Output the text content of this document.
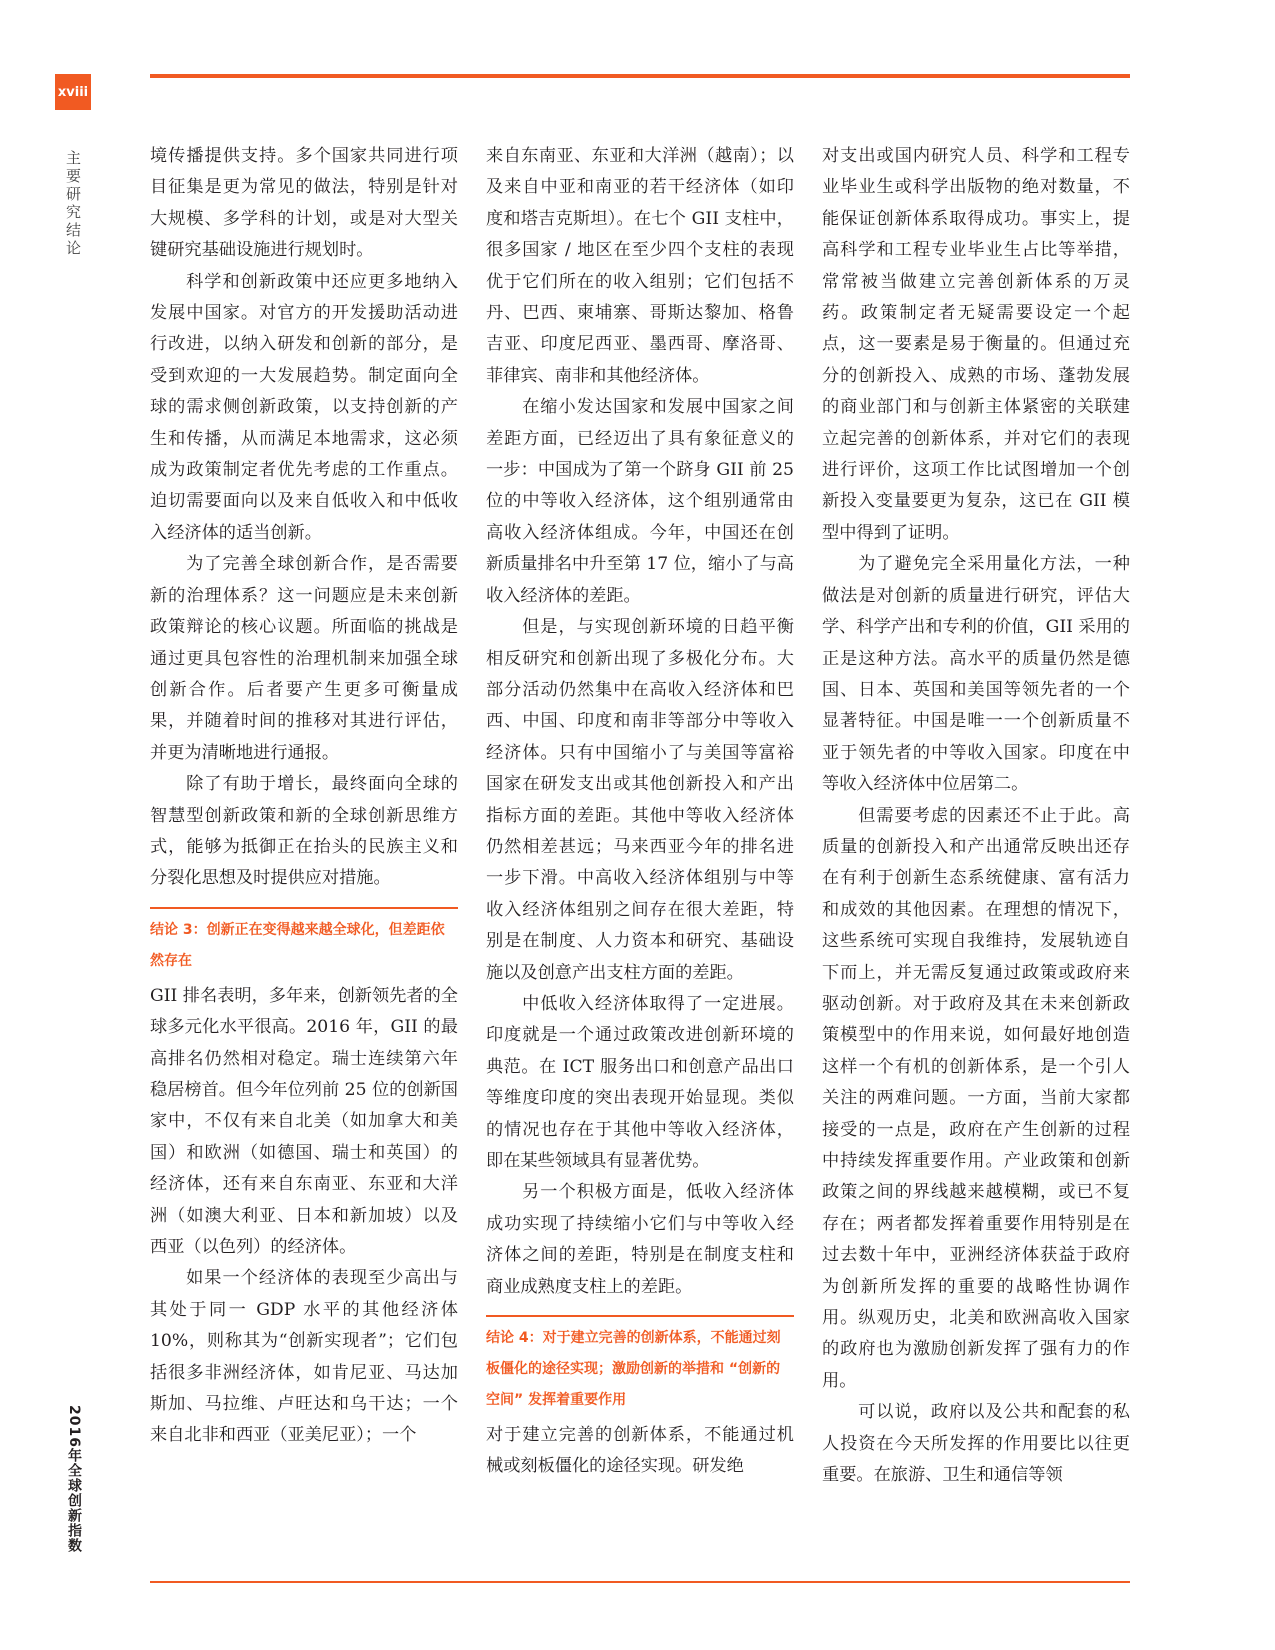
xviii
主要研究结论
2016年全球创新指数

境传播提供支持。多个国家共同进行项目征集是更为常见的做法，特别是针对大规模、多学科的计划，或是对大型关键研究基础设施进行规划时。

科学和创新政策中还应更多地纳入发展中国家。对官方的开发援助活动进行改进，以纳入研发和创新的部分，是受到欢迎的一大发展趋势。制定面向全球的需求侧创新政策，以支持创新的产生和传播，从而满足本地需求，这必须成为政策制定者优先考虑的工作重点。迫切需要面向以及来自低收入和中低收入经济体的适当创新。

为了完善全球创新合作，是否需要新的治理体系？这一问题应是未来创新政策辩论的核心议题。所面临的挑战是通过更具包容性的治理机制来加强全球创新合作。后者要产生更多可衡量成果，并随着时间的推移对其进行评估，并更为清晰地进行通报。

除了有助于增长，最终面向全球的智慧型创新政策和新的全球创新思维方式，能够为抵御正在抬头的民族主义和分裂化思想及时提供应对措施。

结论 3：创新正在变得越来越全球化，但差距依然存在

GII 排名表明，多年来，创新领先者的全球多元化水平很高。2016 年，GII 的最高排名仍然相对稳定。瑞士连续第六年稳居榜首。但今年位列前 25 位的创新国家中，不仅有来自北美（如加拿大和美国）和欧洲（如德国、瑞士和英国）的经济体，还有来自东南亚、东亚和大洋洲（如澳大利亚、日本和新加坡）以及西亚（以色列）的经济体。

如果一个经济体的表现至少高出与其处于同一 GDP 水平的其他经济体 10%，则称其为“创新实现者”；它们包括很多非洲经济体，如肯尼亚、马达加斯加、马拉维、卢旺达和乌干达；一个来自北非和西亚（亚美尼亚）；一个

来自东南亚、东亚和大洋洲（越南）；以及来自中亚和南亚的若干经济体（如印度和塔吉克斯坦）。在七个 GII 支柱中，很多国家 / 地区在至少四个支柱的表现优于它们所在的收入组别；它们包括不丹、巴西、柬埔寨、哥斯达黎加、格鲁吉亚、印度尼西亚、墨西哥、摩洛哥、菲律宾、南非和其他经济体。

在缩小发达国家和发展中国家之间差距方面，已经迈出了具有象征意义的一步：中国成为了第一个跻身 GII 前 25 位的中等收入经济体，这个组别通常由高收入经济体组成。今年，中国还在创新质量排名中升至第 17 位，缩小了与高收入经济体的差距。

但是，与实现创新环境的日趋平衡相反研究和创新出现了多极化分布。大部分活动仍然集中在高收入经济体和巴西、中国、印度和南非等部分中等收入经济体。只有中国缩小了与美国等富裕国家在研发支出或其他创新投入和产出指标方面的差距。其他中等收入经济体仍然相差甚远；马来西亚今年的排名进一步下滑。中高收入经济体组别与中等收入经济体组别之间存在很大差距，特别是在制度、人力资本和研究、基础设施以及创意产出支柱方面的差距。

中低收入经济体取得了一定进展。印度就是一个通过政策改进创新环境的典范。在 ICT 服务出口和创意产品出口等维度印度的突出表现开始显现。类似的情况也存在于其他中等收入经济体，即在某些领域具有显著优势。

另一个积极方面是，低收入经济体成功实现了持续缩小它们与中等收入经济体之间的差距，特别是在制度支柱和商业成熟度支柱上的差距。

结论 4：对于建立完善的创新体系，不能通过刻板僵化的途径实现；激励创新的举措和 “创新的空间” 发挥着重要作用

对于建立完善的创新体系，不能通过机械或刻板僵化的途径实现。研发绝

对支出或国内研究人员、科学和工程专业毕业生或科学出版物的绝对数量，不能保证创新体系取得成功。事实上，提高科学和工程专业毕业生占比等举措，常常被当做建立完善创新体系的万灵药。政策制定者无疑需要设定一个起点，这一要素是易于衡量的。但通过充分的创新投入、成熟的市场、蓬勃发展的商业部门和与创新主体紧密的关联建立起完善的创新体系，并对它们的表现进行评价，这项工作比试图增加一个创新投入变量要更为复杂，这已在 GII 模型中得到了证明。

为了避免完全采用量化方法，一种做法是对创新的质量进行研究，评估大学、科学产出和专利的价值，GII 采用的正是这种方法。高水平的质量仍然是德国、日本、英国和美国等领先者的一个显著特征。中国是唯一一个创新质量不亚于领先者的中等收入国家。印度在中等收入经济体中位居第二。

但需要考虑的因素还不止于此。高质量的创新投入和产出通常反映出还存在有利于创新生态系统健康、富有活力和成效的其他因素。在理想的情况下，这些系统可实现自我维持，发展轨迹自下而上，并无需反复通过政策或政府来驱动创新。对于政府及其在未来创新政策模型中的作用来说，如何最好地创造这样一个有机的创新体系，是一个引人关注的两难问题。一方面，当前大家都接受的一点是，政府在产生创新的过程中持续发挥重要作用。产业政策和创新政策之间的界线越来越模糊，或已不复存在；两者都发挥着重要作用特别是在过去数十年中，亚洲经济体获益于政府为创新所发挥的重要的战略性协调作用。纵观历史，北美和欧洲高收入国家的政府也为激励创新发挥了强有力的作用。

可以说，政府以及公共和配套的私人投资在今天所发挥的作用要比以往更重要。在旅游、卫生和通信等领
